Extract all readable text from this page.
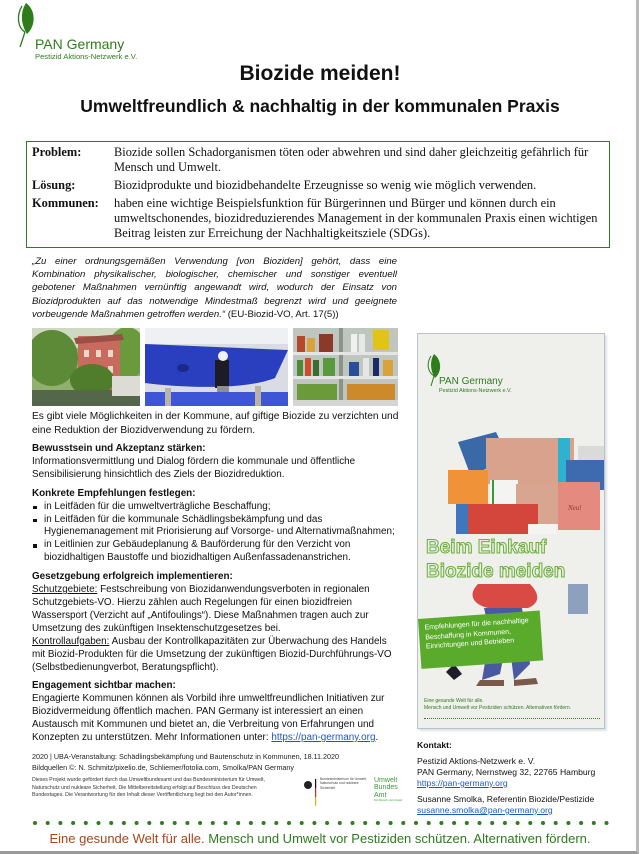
PAN Germany
Pestizid Aktions-Netzwerk e.V.
Biozide meiden!
Umweltfreundlich & nachhaltig in der kommunalen Praxis
Problem:	Biozide sollen Schadorganismen töten oder abwehren und sind daher gleichzeitig gefährlich für Mensch und Umwelt.
Lösung:	Biozidprodukte und biozidbehandelte Erzeugnisse so wenig wie möglich verwenden.
Kommunen:	haben eine wichtige Beispielsfunktion für Bürgerinnen und Bürger und können durch ein umweltschonendes, biozidreduzierendes Management in der kommunalen Praxis einen wichtigen Beitrag leisten zur Erreichung der Nachhaltigkeitsziele (SDGs).
„Zu einer ordnungsgemäßen Verwendung [von Bioziden] gehört, dass eine Kombination physikalischer, biologischer, chemischer und sonstiger eventuell gebotener Maßnahmen vernünftig angewandt wird, wodurch der Einsatz von Biozidprodukten auf das notwendige Mindestmaß begrenzt wird und geeignete vorbeugende Maßnahmen getroffen werden.“ (EU-Biozid-VO, Art. 17(5))
Es gibt viele Möglichkeiten in der Kommune, auf giftige Biozide zu verzichten und eine Reduktion der Biozidverwendung zu fördern.
Bewusstsein und Akzeptanz stärken:

Informationsvermittlung und Dialog fördern die kommunale und öffentliche Sensibilisierung hinsichtlich des Ziels der Biozidreduktion.

Konkrete Empfehlungen festlegen:
in Leitfäden für die umweltverträgliche Beschaffung;
in Leitfäden für die kommunale Schädlingsbekämpfung und das Hygienemanagement mit Priorisierung auf Vorsorge- und Alternativmaßnahmen;
in Leitlinien zur Gebäudeplanung & Bauförderung für den Verzicht von biozidhaltigen Baustoffe und biozidhaltigen Außenfassadenanstrichen.
Gesetzgebung erfolgreich implementieren:

Schutzgebiete: Festschreibung von Biozidanwendungsverboten in regionalen Schutzgebiets-VO. Hierzu zählen auch Regelungen für einen biozidfreien Wassersport (Verzicht auf „Antifoulings“). Diese Maßnahmen tragen auch zur Umsetzung des zukünftigen Insektenschutzgesetzes bei.

Kontrollaufgaben: Ausbau der Kontrollkapazitäten zur Überwachung des Handels mit Biozid-Produkten für die Umsetzung der zukünftigen Biozid-Durchführungs-VO (Selbstbedienungverbot, Beratungspflicht).

Engagement sichtbar machen:

Engagierte Kommunen können als Vorbild ihre umweltfreundlichen Initiativen zur Biozidvermeidung öffentlich machen. PAN Germany ist interessiert an einen Austausch mit Kommunen und bietet an, die Verbreitung von Erfahrungen und Konzepten zu unterstützen. Mehr Informationen unter: https://pan-germany.org.

2020 | UBA-Veranstaltung: Schädlingsbekämpfung und Bautenschutz in Kommunen, 18.11.2020
Bildquellen ©: N. Schmitz/pixelio.de, Schliemer/fotolia.com, Smolka/PAN Germany
Dieses Projekt wurde gefördert durch das Umweltbundesamt und das Bundesministerium für Umwelt, Naturschutz und nukleare Sicherheit. Die Mittelbereitstellung erfolgt auf Beschluss des Deutschen Bundestages. Die Verantwortung für den Inhalt dieser Veröffentlichung liegt bei den Autor*innen.
Bundesministerium für Umwelt, Naturschutz und nukleare Sicherheit
Umwelt
Bundes
Amt
Für Mensch und Umwelt
Eine gesunde Welt für alle. Mensch und Umwelt vor Pestiziden schützen. Alternativen fördern.
Neu!
PAN Germany
Pestizid Aktions-Netzwerk e.V.
Beim Einkauf
Biozide meiden
Empfehlungen für die nachhaltige Beschaffung in Kommunen, Einrichtungen und Betrieben
Eine gesunde Welt für alle.
Mensch und Umwelt vor Pestiziden schützen. Alternativen fördern.
Kontakt:

Pestizid Aktions-Netzwerk e. V.
PAN Germany, Nernstweg 32, 22765 Hamburg
https://pan-germany.org

Susanne Smolka, Referentin Biozide/Pestizide
susanne.smolka@pan-germany.org
